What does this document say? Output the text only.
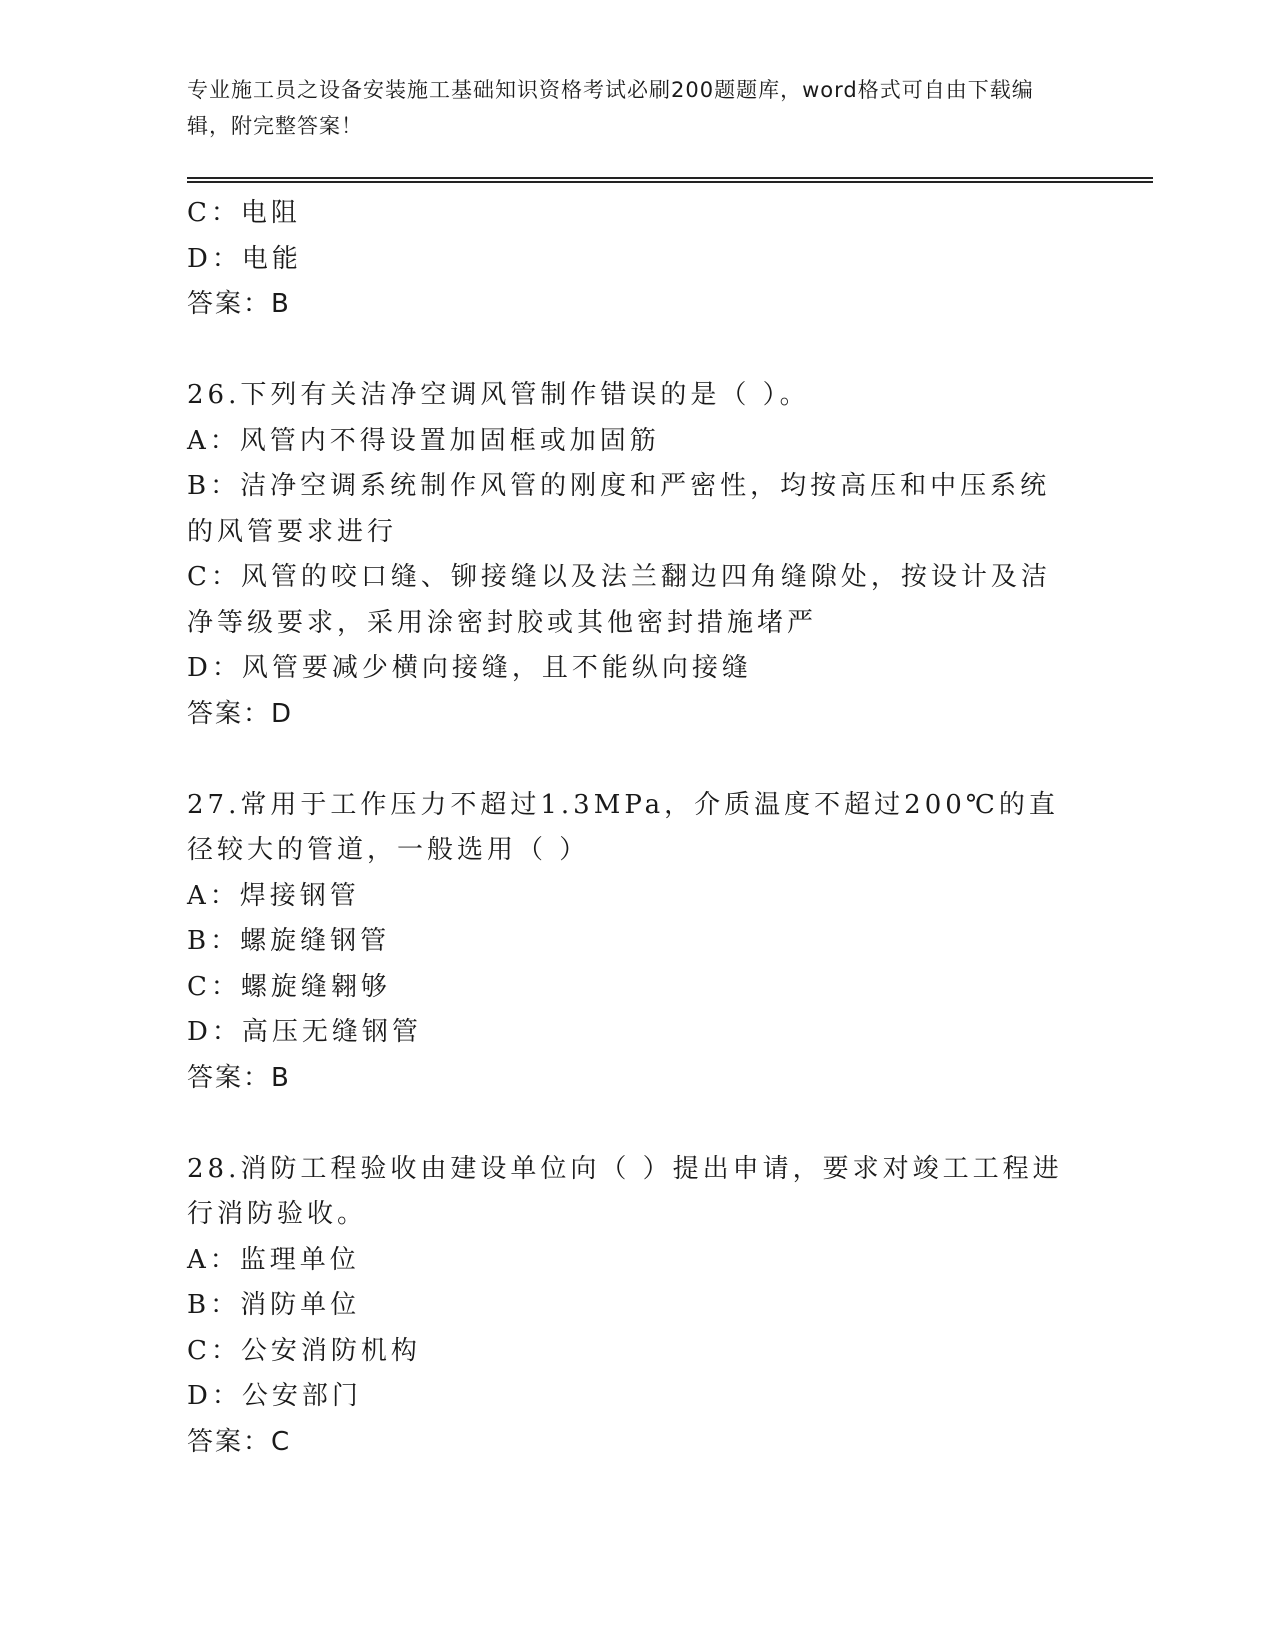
专业施工员之设备安装施工基础知识资格考试必刷200题题库，word格式可自由下载编辑，附完整答案！
C：电阻
D：电能
答案：B
26.下列有关洁净空调风管制作错误的是（ ）。
A：风管内不得设置加固框或加固筋
B：洁净空调系统制作风管的刚度和严密性，均按高压和中压系统的风管要求进行
C：风管的咬口缝、铆接缝以及法兰翻边四角缝隙处，按设计及洁净等级要求，采用涂密封胶或其他密封措施堵严
D：风管要减少横向接缝，且不能纵向接缝
答案：D
27.常用于工作压力不超过1.3MPa，介质温度不超过200℃的直径较大的管道，一般选用（ ）
A：焊接钢管
B：螺旋缝钢管
C：螺旋缝翱够
D：高压无缝钢管
答案：B
28.消防工程验收由建设单位向（ ）提出申请，要求对竣工工程进行消防验收。
A：监理单位
B：消防单位
C：公安消防机构
D：公安部门
答案：C
